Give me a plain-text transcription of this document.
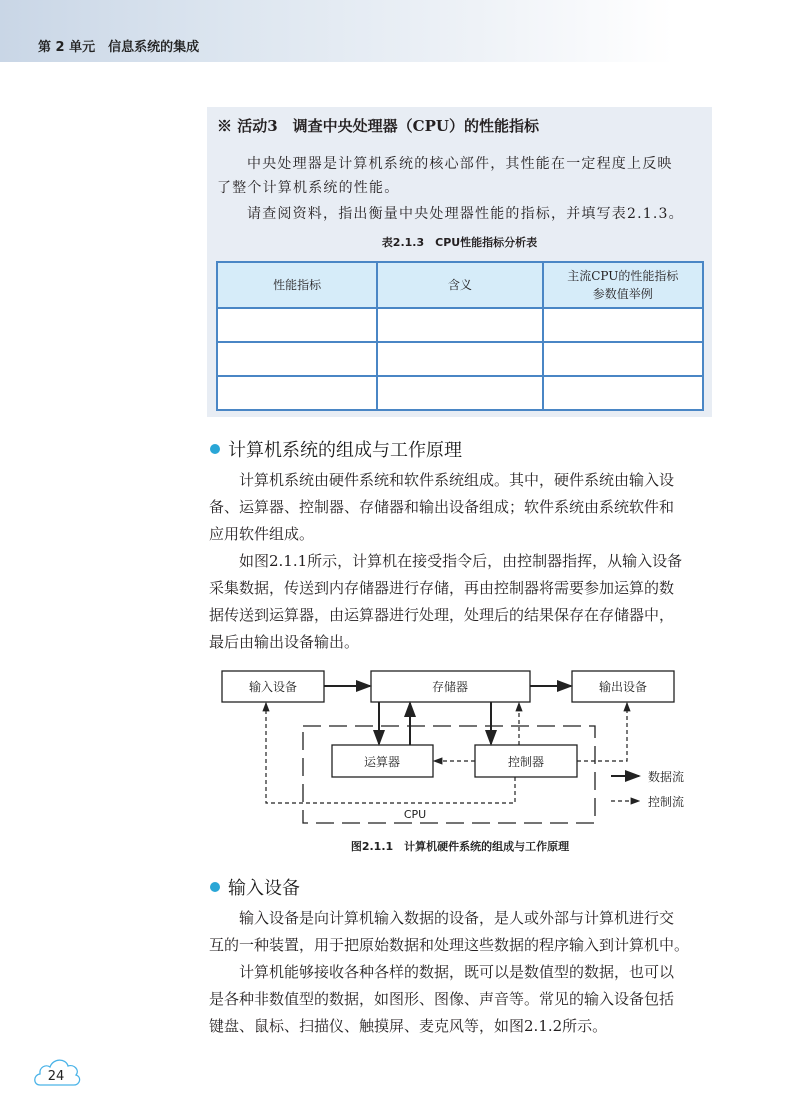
第 2 单元　信息系统的集成
※ 活动3　调查中央处理器（CPU）的性能指标
中央处理器是计算机系统的核心部件，其性能在一定程度上反映
了整个计算机系统的性能。
请查阅资料，指出衡量中央处理器性能的指标，并填写表2.1.3。
表2.1.3　CPU性能指标分析表
性能指标	含义	主流CPU的性能指标
参数值举例

计算机系统的组成与工作原理
计算机系统由硬件系统和软件系统组成。其中，硬件系统由输入设
备、运算器、控制器、存储器和输出设备组成；软件系统由系统软件和
应用软件组成。
如图2.1.1所示，计算机在接受指令后，由控制器指挥，从输入设备
采集数据，传送到内存储器进行存储，再由控制器将需要参加运算的数
据传送到运算器，由运算器进行处理，处理后的结果保存在存储器中，
最后由输出设备输出。
输入设备	存储器	输出设备
运算器	控制器
CPU
数据流
控制流
图2.1.1　计算机硬件系统的组成与工作原理
输入设备
输入设备是向计算机输入数据的设备，是人或外部与计算机进行交
互的一种装置，用于把原始数据和处理这些数据的程序输入到计算机中。
计算机能够接收各种各样的数据，既可以是数值型的数据，也可以
是各种非数值型的数据，如图形、图像、声音等。常见的输入设备包括
键盘、鼠标、扫描仪、触摸屏、麦克风等，如图2.1.2所示。
24
